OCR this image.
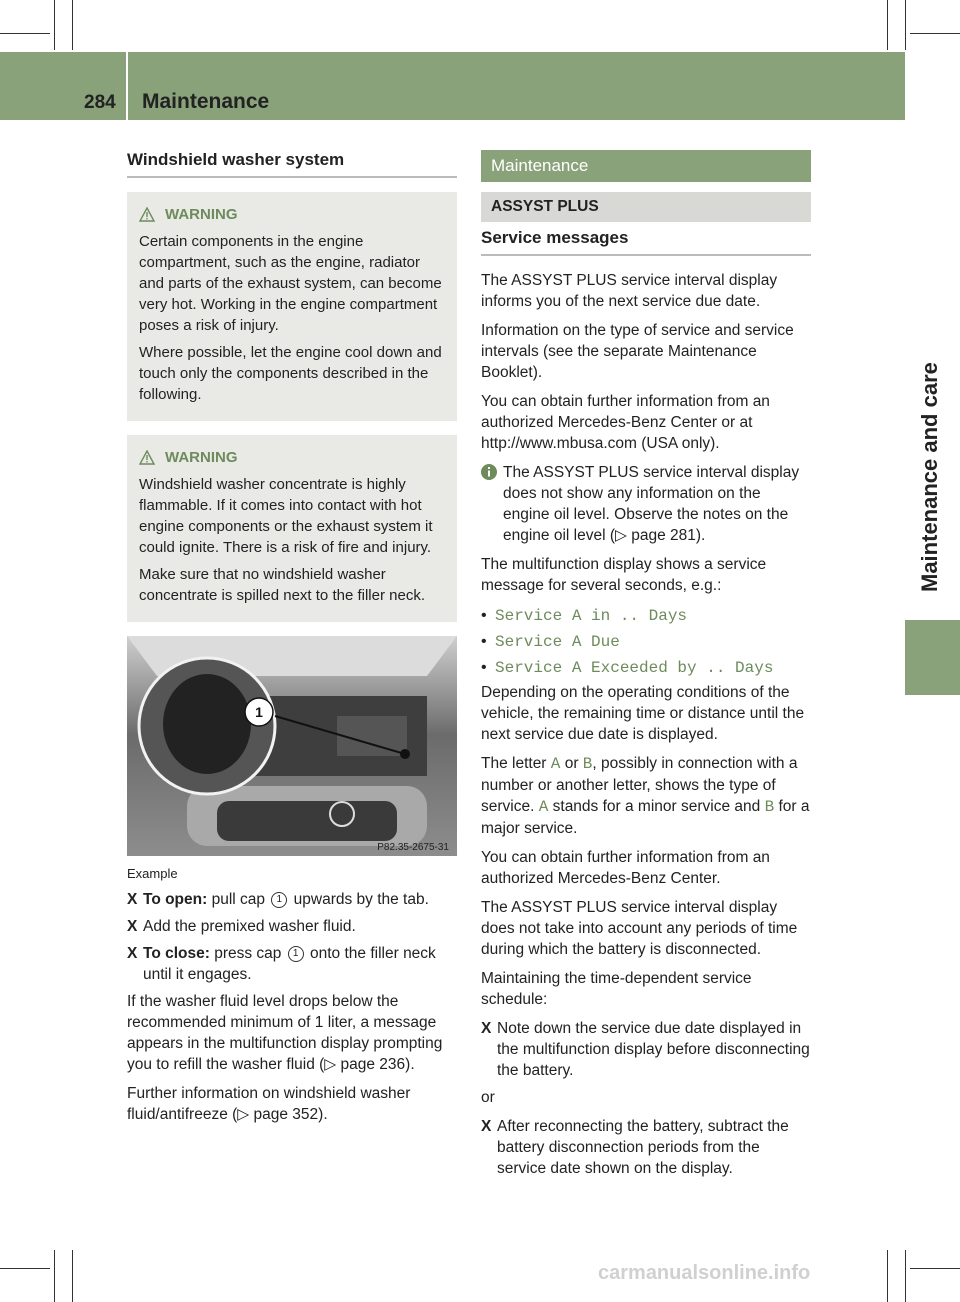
284 Maintenance
Maintenance and care
Windshield washer system
WARNING

Certain components in the engine compartment, such as the engine, radiator and parts of the exhaust system, can become very hot. Working in the engine compartment poses a risk of injury.

Where possible, let the engine cool down and touch only the components described in the following.

WARNING

Windshield washer concentrate is highly flammable. If it comes into contact with hot engine components or the exhaust system it could ignite. There is a risk of fire and injury.

Make sure that no windshield washer concentrate is spilled next to the filler neck.

1
P82.35-2675-31
Example
X To open: pull cap 1 upwards by the tab.
X Add the premixed washer fluid.
X To close: press cap 1 onto the filler neck until it engages.

If the washer fluid level drops below the recommended minimum of 1 liter, a message appears in the multifunction display prompting you to refill the washer fluid (▷ page 236).

Further information on windshield washer fluid/antifreeze (▷ page 352).

Maintenance
ASSYST PLUS
Service messages

The ASSYST PLUS service interval display informs you of the next service due date.

Information on the type of service and service intervals (see the separate Maintenance Booklet).

You can obtain further information from an authorized Mercedes-Benz Center or at http://www.mbusa.com (USA only).

The ASSYST PLUS service interval display does not show any information on the engine oil level. Observe the notes on the engine oil level (▷ page 281).

The multifunction display shows a service message for several seconds, e.g.:

• Service A in .. Days
• Service A Due
• Service A Exceeded by .. Days

Depending on the operating conditions of the vehicle, the remaining time or distance until the next service due date is displayed.

The letter A or B, possibly in connection with a number or another letter, shows the type of service. A stands for a minor service and B for a major service.

You can obtain further information from an authorized Mercedes-Benz Center.

The ASSYST PLUS service interval display does not take into account any periods of time during which the battery is disconnected.

Maintaining the time-dependent service schedule:

X Note down the service due date displayed in the multifunction display before disconnecting the battery.

or

X After reconnecting the battery, subtract the battery disconnection periods from the service date shown on the display.
carmanualsonline.info
